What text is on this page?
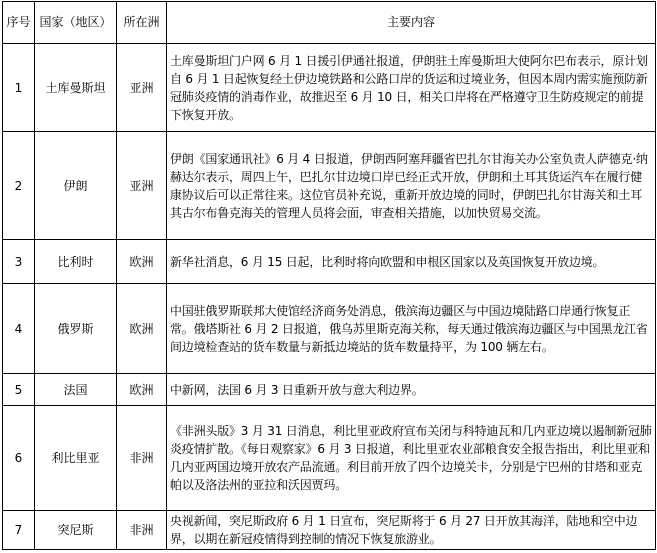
序号	国家（地区）	所在洲	主要内容
1	土库曼斯坦	亚洲	土库曼斯坦门户网 6 月 1 日援引伊通社报道，伊朗驻土库曼斯坦大使阿尔巴布表示，原计划自 6 月 1 日起恢复经土伊边境铁路和公路口岸的货运和过境业务，但因本周内需实施预防新冠肺炎疫情的消毒作业，故推迟至 6 月 10 日，相关口岸将在严格遵守卫生防疫规定的前提下恢复开放。
2	伊朗	亚洲	伊朗《国家通讯社》6 月 4 日报道，伊朗西阿塞拜疆省巴扎尔甘海关办公室负责人萨德克·纳赫达尔表示，周四上午，巴扎尔甘边境口岸已经正式开放，伊朗和土耳其货运汽车在履行健康协议后可以正常往来。这位官员补充说，重新开放边境的同时，伊朗巴扎尔甘海关和土耳其古尔布鲁克海关的管理人员将会面，审查相关措施，以加快贸易交流。
3	比利时	欧洲	新华社消息，6 月 15 日起，比利时将向欧盟和申根区国家以及英国恢复开放边境。
4	俄罗斯	欧洲	中国驻俄罗斯联邦大使馆经济商务处消息，俄滨海边疆区与中国边境陆路口岸通行恢复正常。俄塔斯社 6 月 2 日报道，俄乌苏里斯克海关称，每天通过俄滨海边疆区与中国黑龙江省间边境检查站的货车数量与新抵边境站的货车数量持平，为 100 辆左右。
5	法国	欧洲	中新网，法国 6 月 3 日重新开放与意大利边界。
6	利比里亚	非洲	《非洲头版》3 月 31 日消息，利比里亚政府宣布关闭与科特迪瓦和几内亚边境以遏制新冠肺炎疫情扩散。《每日观察家》6 月 3 日报道，利比里亚农业部粮食安全报告指出，利比里亚和几内亚两国边境开放农产品流通。利目前开放了四个边境关卡，分别是宁巴州的甘塔和亚克帕以及洛法州的亚拉和沃因贾玛。
7	突尼斯	非洲	央视新闻，突尼斯政府 6 月 1 日宣布，突尼斯将于 6 月 27 日开放其海洋，陆地和空中边界，以期在新冠疫情得到控制的情况下恢复旅游业。
